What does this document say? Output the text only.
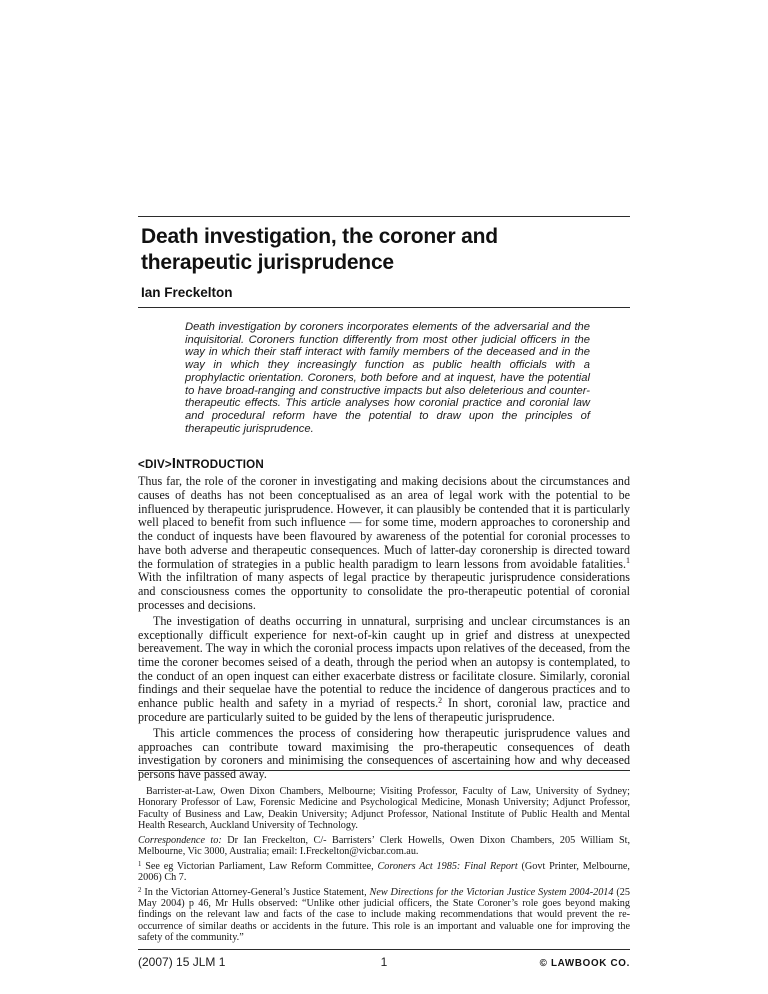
Death investigation, the coroner and
therapeutic jurisprudence
Ian Freckelton

Death investigation by coroners incorporates elements of the adversarial and the inquisitorial. Coroners function differently from most other judicial officers in the way in which their staff interact with family members of the deceased and in the way in which they increasingly function as public health officials with a prophylactic orientation. Coroners, both before and at inquest, have the potential to have broad-ranging and constructive impacts but also deleterious and counter-therapeutic effects. This article analyses how coronial practice and coronial law and procedural reform have the potential to draw upon the principles of therapeutic jurisprudence.

<DIV>INTRODUCTION

Thus far, the role of the coroner in investigating and making decisions about the circumstances and causes of deaths has not been conceptualised as an area of legal work with the potential to be influenced by therapeutic jurisprudence. However, it can plausibly be contended that it is particularly well placed to benefit from such influence — for some time, modern approaches to coronership and the conduct of inquests have been flavoured by awareness of the potential for coronial processes to have both adverse and therapeutic consequences. Much of latter-day coronership is directed toward the formulation of strategies in a public health paradigm to learn lessons from avoidable fatalities.$^1$ With the infiltration of many aspects of legal practice by therapeutic jurisprudence considerations and consciousness comes the opportunity to consolidate the pro-therapeutic potential of coronial processes and decisions.

The investigation of deaths occurring in unnatural, surprising and unclear circumstances is an exceptionally difficult experience for next-of-kin caught up in grief and distress at unexpected bereavement. The way in which the coronial process impacts upon relatives of the deceased, from the time the coroner becomes seised of a death, through the period when an autopsy is contemplated, to the conduct of an open inquest can either exacerbate distress or facilitate closure. Similarly, coronial findings and their sequelae have the potential to reduce the incidence of dangerous practices and to enhance public health and safety in a myriad of respects.$^2$ In short, coronial law, practice and procedure are particularly suited to be guided by the lens of therapeutic jurisprudence.

This article commences the process of considering how therapeutic jurisprudence values and approaches can contribute toward maximising the pro-therapeutic consequences of death investigation by coroners and minimising the consequences of ascertaining how and why deceased persons have passed away.

Barrister-at-Law, Owen Dixon Chambers, Melbourne; Visiting Professor, Faculty of Law, University of Sydney; Honorary Professor of Law, Forensic Medicine and Psychological Medicine, Monash University; Adjunct Professor, Faculty of Business and Law, Deakin University; Adjunct Professor, National Institute of Public Health and Mental Health Research, Auckland University of Technology.

Correspondence to: Dr Ian Freckelton, C/- Barristers’ Clerk Howells, Owen Dixon Chambers, 205 William St, Melbourne, Vic 3000, Australia; email: I.Freckelton@vicbar.com.au.

$^1$ See eg Victorian Parliament, Law Reform Committee, Coroners Act 1985: Final Report (Govt Printer, Melbourne, 2006) Ch 7.

$^2$ In the Victorian Attorney-General’s Justice Statement, New Directions for the Victorian Justice System 2004-2014 (25 May 2004) p 46, Mr Hulls observed: “Unlike other judicial officers, the State Coroner’s role goes beyond making findings on the relevant law and facts of the case to include making recommendations that would prevent the re-occurrence of similar deaths or accidents in the future. This role is an important and valuable one for improving the safety of the community.”

(2007) 15 JLM 1	1	© LAWBOOK CO.
